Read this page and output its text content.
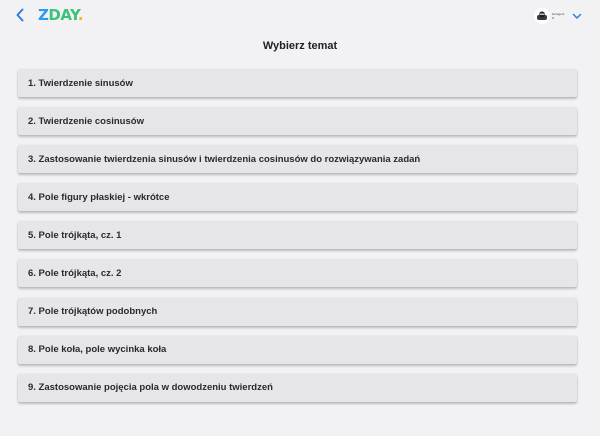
ZDAY.	Grzegorz K.
Wybierz temat
1. Twierdzenie sinusów
2. Twierdzenie cosinusów
3. Zastosowanie twierdzenia sinusów i twierdzenia cosinusów do rozwiązywania zadań
4. Pole figury płaskiej - wkrótce
5. Pole trójkąta, cz. 1
6. Pole trójkąta, cz. 2
7. Pole trójkątów podobnych
8. Pole koła, pole wycinka koła
9. Zastosowanie pojęcia pola w dowodzeniu twierdzeń
